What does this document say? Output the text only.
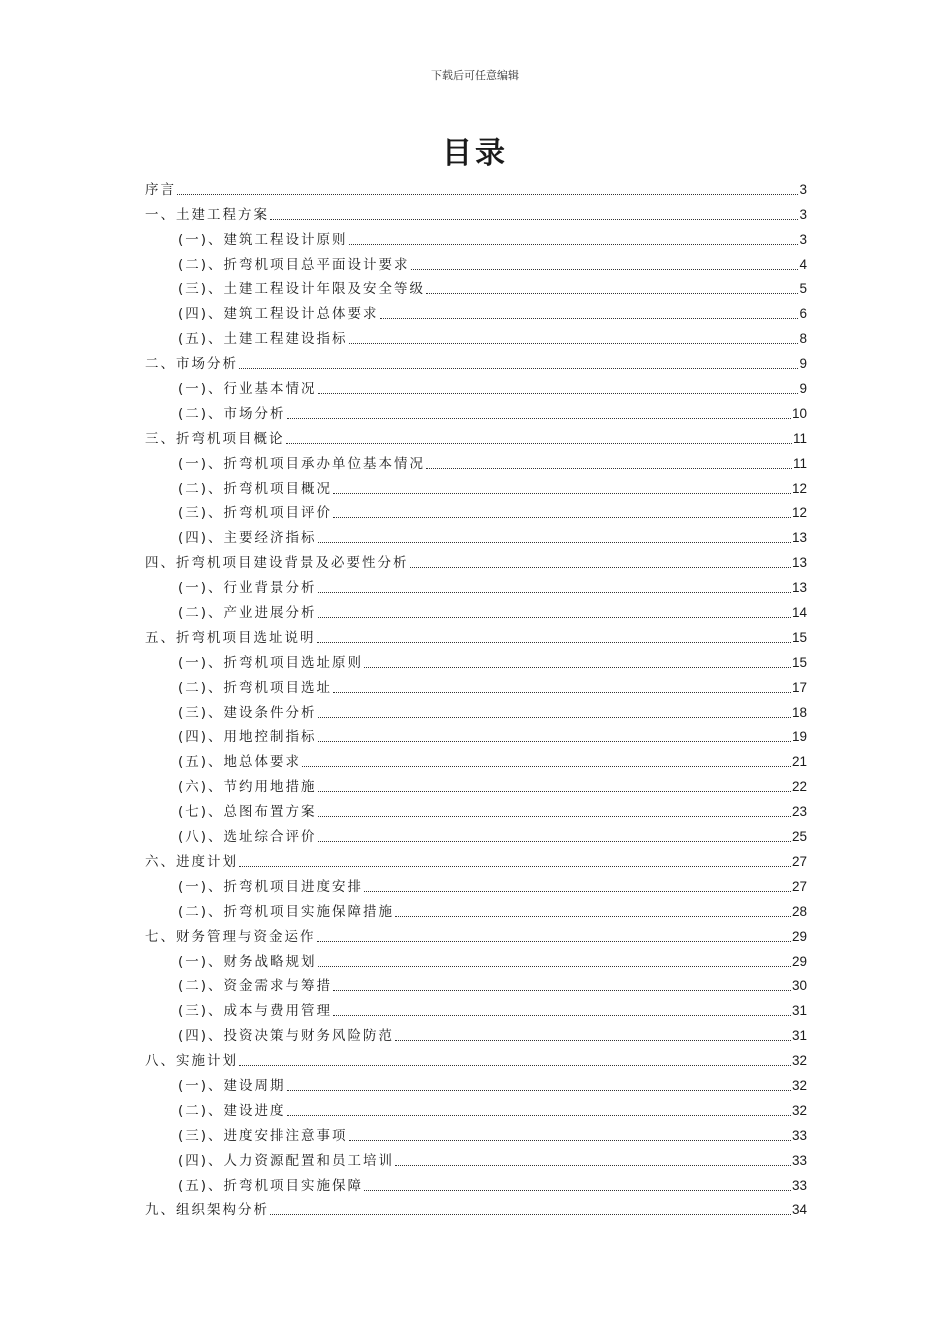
下载后可任意编辑
目录
序言	3
一、土建工程方案	3
(一)、建筑工程设计原则	3
(二)、折弯机项目总平面设计要求	4
(三)、土建工程设计年限及安全等级	5
(四)、建筑工程设计总体要求	6
(五)、土建工程建设指标	8
二、市场分析	9
(一)、行业基本情况	9
(二)、市场分析	10
三、折弯机项目概论	11
(一)、折弯机项目承办单位基本情况	11
(二)、折弯机项目概况	12
(三)、折弯机项目评价	12
(四)、主要经济指标	13
四、折弯机项目建设背景及必要性分析	13
(一)、行业背景分析	13
(二)、产业进展分析	14
五、折弯机项目选址说明	15
(一)、折弯机项目选址原则	15
(二)、折弯机项目选址	17
(三)、建设条件分析	18
(四)、用地控制指标	19
(五)、地总体要求	21
(六)、节约用地措施	22
(七)、总图布置方案	23
(八)、选址综合评价	25
六、进度计划	27
(一)、折弯机项目进度安排	27
(二)、折弯机项目实施保障措施	28
七、财务管理与资金运作	29
(一)、财务战略规划	29
(二)、资金需求与筹措	30
(三)、成本与费用管理	31
(四)、投资决策与财务风险防范	31
八、实施计划	32
(一)、建设周期	32
(二)、建设进度	32
(三)、进度安排注意事项	33
(四)、人力资源配置和员工培训	33
(五)、折弯机项目实施保障	33
九、组织架构分析	34
